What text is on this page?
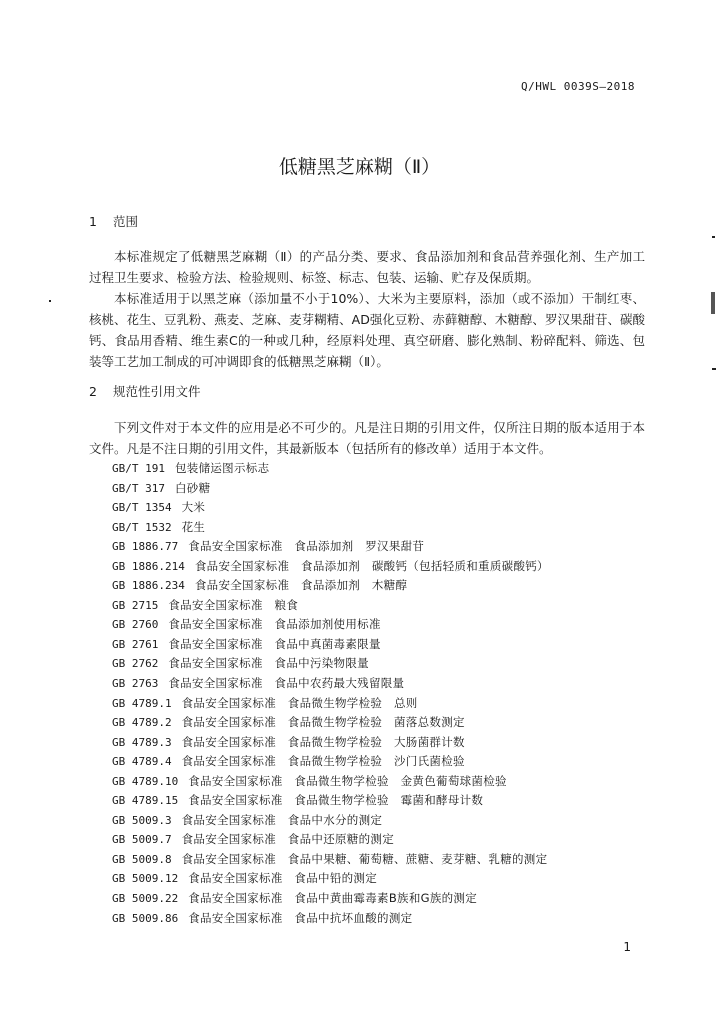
Q/HWL 0039S—2018
低糖黑芝麻糊（Ⅱ）
1 范围
本标准规定了低糖黑芝麻糊（Ⅱ）的产品分类、要求、食品添加剂和食品营养强化剂、生产加工过程卫生要求、检验方法、检验规则、标签、标志、包装、运输、贮存及保质期。
本标准适用于以黑芝麻（添加量不小于10%）、大米为主要原料，添加（或不添加）干制红枣、核桃、花生、豆乳粉、燕麦、芝麻、麦芽糊精、AD强化豆粉、赤藓糖醇、木糖醇、罗汉果甜苷、碳酸钙、食品用香精、维生素C的一种或几种，经原料处理、真空研磨、膨化熟制、粉碎配料、筛选、包装等工艺加工制成的可冲调即食的低糖黑芝麻糊（Ⅱ）。
2 规范性引用文件
下列文件对于本文件的应用是必不可少的。凡是注日期的引用文件，仅所注日期的版本适用于本文件。凡是不注日期的引用文件，其最新版本（包括所有的修改单）适用于本文件。
GB/T 191 包装储运图示标志
GB/T 317 白砂糖
GB/T 1354 大米
GB/T 1532 花生
GB 1886.77 食品安全国家标准　食品添加剂　罗汉果甜苷
GB 1886.214 食品安全国家标准　食品添加剂　碳酸钙（包括轻质和重质碳酸钙）
GB 1886.234 食品安全国家标准　食品添加剂　木糖醇
GB 2715 食品安全国家标准　粮食
GB 2760 食品安全国家标准　食品添加剂使用标准
GB 2761 食品安全国家标准　食品中真菌毒素限量
GB 2762 食品安全国家标准　食品中污染物限量
GB 2763 食品安全国家标准　食品中农药最大残留限量
GB 4789.1 食品安全国家标准　食品微生物学检验　总则
GB 4789.2 食品安全国家标准　食品微生物学检验　菌落总数测定
GB 4789.3 食品安全国家标准　食品微生物学检验　大肠菌群计数
GB 4789.4 食品安全国家标准　食品微生物学检验　沙门氏菌检验
GB 4789.10 食品安全国家标准　食品微生物学检验　金黄色葡萄球菌检验
GB 4789.15 食品安全国家标准　食品微生物学检验　霉菌和酵母计数
GB 5009.3 食品安全国家标准　食品中水分的测定
GB 5009.7 食品安全国家标准　食品中还原糖的测定
GB 5009.8 食品安全国家标准　食品中果糖、葡萄糖、蔗糖、麦芽糖、乳糖的测定
GB 5009.12 食品安全国家标准　食品中铅的测定
GB 5009.22 食品安全国家标准　食品中黄曲霉毒素B族和G族的测定
GB 5009.86 食品安全国家标准　食品中抗坏血酸的测定
1
